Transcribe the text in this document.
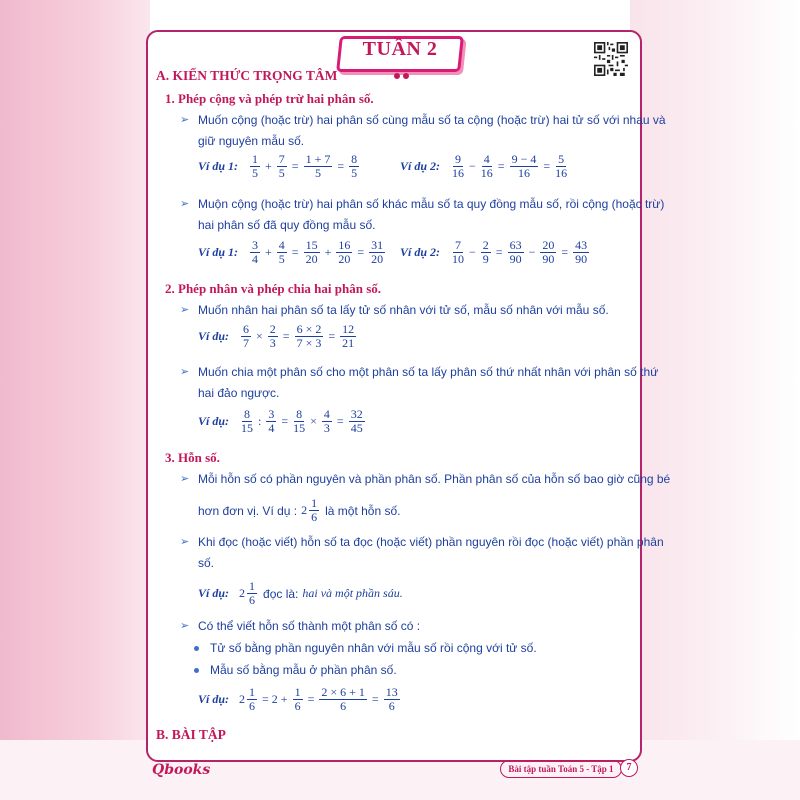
TUẦN 2
A. KIẾN THỨC TRỌNG TÂM
1. Phép cộng và phép trừ hai phân số.
➢ Muốn cộng (hoặc trừ) hai phân số cùng mẫu số ta cộng (hoặc trừ) hai tử số với nhau và
giữ nguyên mẫu số.
Ví dụ 1: 1
$5 + \frac{7}{5} = \frac{1 + 7}{5} = \frac{8}{5}$	Ví dụ 2: 9
$16 - \frac{4}{16} = \frac{9 - 4}{16} = \frac{5}{16}$
➢ Muộn cộng (hoặc trừ) hai phân số khác mẫu số ta quy đồng mẫu số, rồi cộng (hoặc trừ)
hai phân số đã quy đồng mẫu số.
Ví dụ 1: 3
$4 + \frac{4}{5} = \frac{15}{20} + \frac{16}{20} = \frac{31}{20}$ Ví dụ 2: 7
$10 - \frac{2}{9} = \frac{63}{90} - \frac{20}{90} = \frac{43}{90}$
2. Phép nhân và phép chia hai phân số.
➢ Muốn nhân hai phân số ta lấy tử số nhân với tử số, mẫu số nhân với mẫu số.
Ví dụ: $\frac{6}{7} \times \frac{2}{3} = \frac{6 \times 2}{7 \times 3} = \frac{12}{21}$
➢ Muốn chia một phân số cho một phân số ta lấy phân số thứ nhất nhân với phân số thứ
hai đảo ngược.
Ví dụ: 8
15 : $\frac{3}{4} = \frac{8}{15} \times \frac{4}{3} = \frac{32}{45}$
3. Hỗn số.
➢ Mỗi hỗn số có phần nguyên và phần phân số. Phần phân số của hỗn số bao giờ cũng bé
hơn đơn vị. Ví dụ : 2 1
6 là một hỗn số.
➢ Khi đọc (hoặc viết) hỗn số ta đọc (hoặc viết) phần nguyên rồi đọc (hoặc viết) phần phân
số.
Ví dụ: 2 1
6 đọc là: hai và một phần sáu.
➢ Có thể viết hỗn số thành một phân số có :
Tử số bằng phần nguyên nhân với mẫu số rồi cộng với tử số.
Mẫu số bằng mẫu ở phần phân số.
Ví dụ: $2 \frac{1}{6} = 2 + \frac{1}{6} = \frac{2 \times 6 + 1}{6} = \frac{13}{6}$
B. BÀI TẬP
Qbooks	Bài tập tuần Toán 5 - Tập 1	7
